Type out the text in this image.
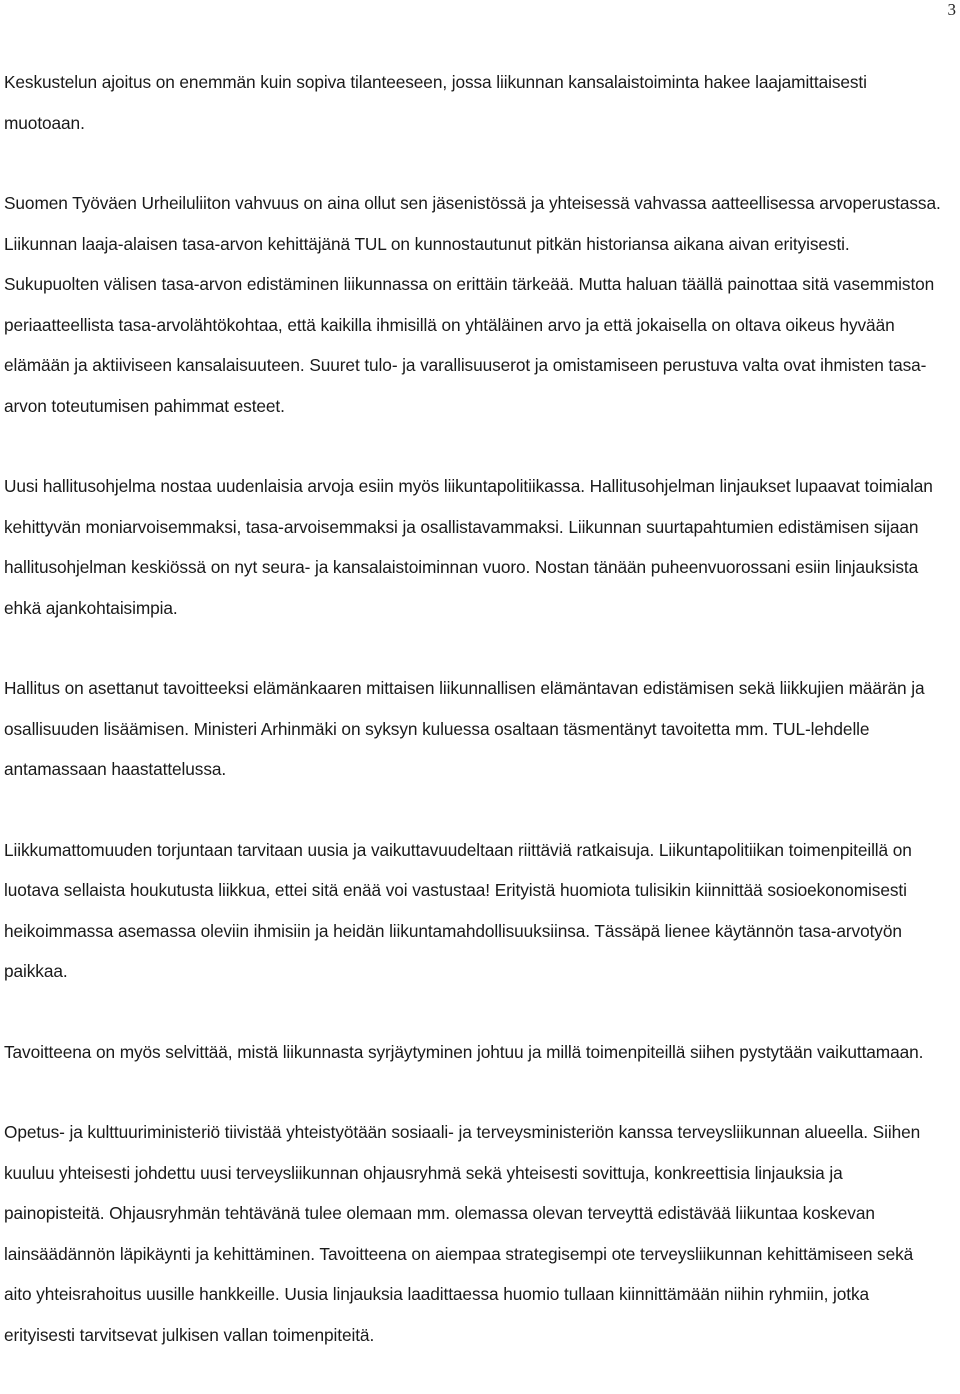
3

Keskustelun ajoitus on enemmän kuin sopiva tilanteeseen, jossa liikunnan kansalaistoiminta hakee laajamittaisesti muotoaan.

Suomen Työväen Urheiluliiton vahvuus on aina ollut sen jäsenistössä ja yhteisessä vahvassa aatteellisessa arvoperustassa. Liikunnan laaja-alaisen tasa-arvon kehittäjänä TUL on kunnostautunut pitkän historiansa aikana aivan erityisesti. Sukupuolten välisen tasa-arvon edistäminen liikunnassa on erittäin tärkeää. Mutta haluan täällä painottaa sitä vasemmiston periaatteellista tasa-arvolähtökohtaa, että kaikilla ihmisillä on yhtäläinen arvo ja että jokaisella on oltava oikeus hyvään elämään ja aktiiviseen kansalaisuuteen. Suuret tulo- ja varallisuuserot ja omistamiseen perustuva valta ovat ihmisten tasa-arvon toteutumisen pahimmat esteet.

Uusi hallitusohjelma nostaa uudenlaisia arvoja esiin myös liikuntapolitiikassa. Hallitusohjelman linjaukset lupaavat toimialan kehittyvän moniarvoisemmaksi, tasa-arvoisemmaksi ja osallistavammaksi. Liikunnan suurtapahtumien edistämisen sijaan hallitusohjelman keskiössä on nyt seura- ja kansalaistoiminnan vuoro. Nostan tänään puheenvuorossani esiin linjauksista ehkä ajankohtaisimpia.

Hallitus on asettanut tavoitteeksi elämänkaaren mittaisen liikunnallisen elämäntavan edistämisen sekä liikkujien määrän ja osallisuuden lisäämisen. Ministeri Arhinmäki on syksyn kuluessa osaltaan täsmentänyt tavoitetta mm. TUL-lehdelle antamassaan haastattelussa.

Liikkumattomuuden torjuntaan tarvitaan uusia ja vaikuttavuudeltaan riittäviä ratkaisuja. Liikuntapolitiikan toimenpiteillä on luotava sellaista houkutusta liikkua, ettei sitä enää voi vastustaa! Erityistä huomiota tulisikin kiinnittää sosioekonomisesti heikoimmassa asemassa oleviin ihmisiin ja heidän liikuntamahdollisuuksiinsa. Tässäpä lienee käytännön tasa-arvotyön paikkaa.

Tavoitteena on myös selvittää, mistä liikunnasta syrjäytyminen johtuu ja millä toimenpiteillä siihen pystytään vaikuttamaan.

Opetus- ja kulttuuriministeriö tiivistää yhteistyötään sosiaali- ja terveysministeriön kanssa terveysliikunnan alueella. Siihen kuuluu yhteisesti johdettu uusi terveysliikunnan ohjausryhmä sekä yhteisesti sovittuja, konkreettisia linjauksia ja painopisteitä. Ohjausryhmän tehtävänä tulee olemaan mm. olemassa olevan terveyttä edistävää liikuntaa koskevan lainsäädännön läpikäynti ja kehittäminen. Tavoitteena on aiempaa strategisempi ote terveysliikunnan kehittämiseen sekä aito yhteisrahoitus uusille hankkeille. Uusia linjauksia laadittaessa huomio tullaan kiinnittämään niihin ryhmiin, jotka erityisesti tarvitsevat julkisen vallan toimenpiteitä.
